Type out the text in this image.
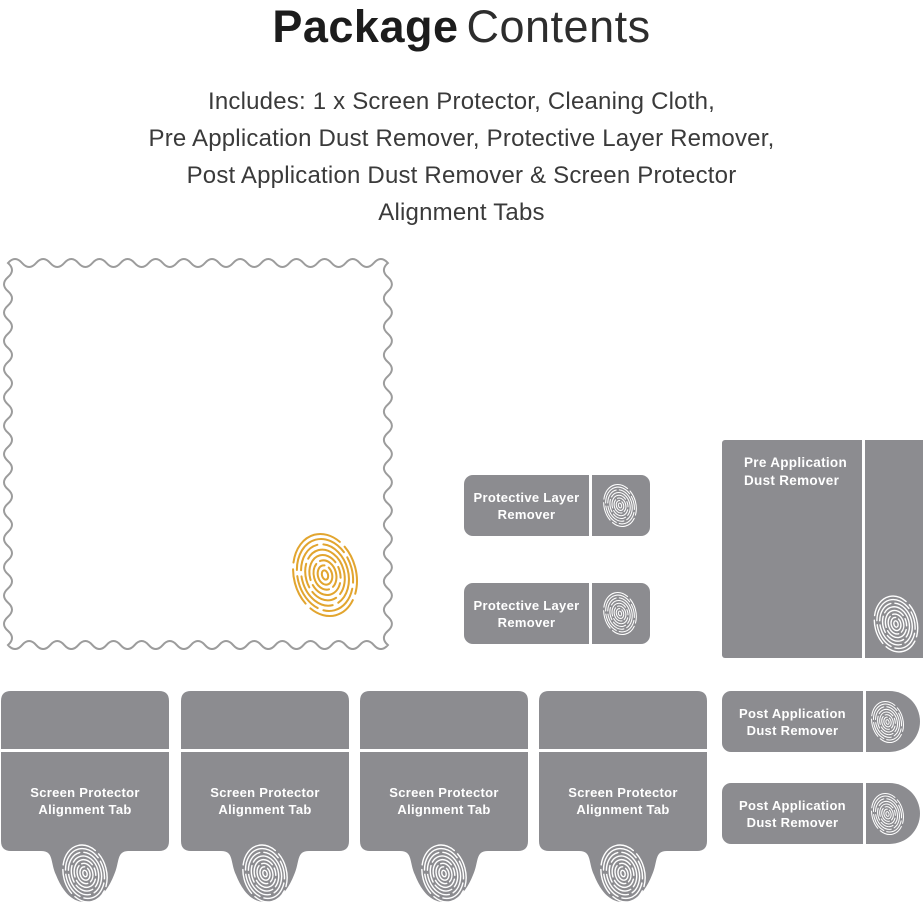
Package Contents
Includes: 1 x Screen Protector, Cleaning Cloth,
Pre Application Dust Remover, Protective Layer Remover,
Post Application Dust Remover & Screen Protector
Alignment Tabs
Protective Layer
Remover
Protective Layer
Remover
Pre Application
Dust Remover
Post Application
Dust Remover
Post Application
Dust Remover
Screen Protector
Alignment Tab
Screen Protector
Alignment Tab
Screen Protector
Alignment Tab
Screen Protector
Alignment Tab
